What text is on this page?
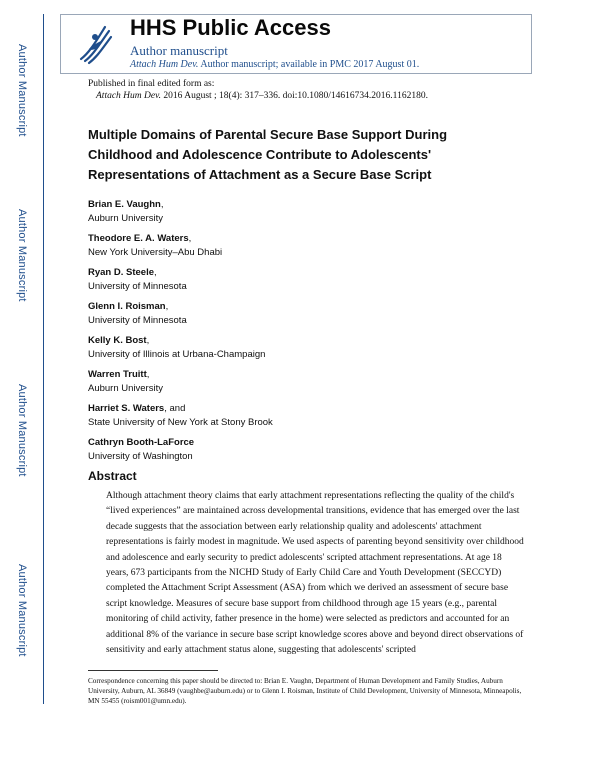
Author Manuscript
Author Manuscript
Author Manuscript
Author Manuscript
HHS Public Access
Author manuscript
Attach Hum Dev. Author manuscript; available in PMC 2017 August 01.
Published in final edited form as:
Attach Hum Dev. 2016 August ; 18(4): 317–336. doi:10.1080/14616734.2016.1162180.
Multiple Domains of Parental Secure Base Support During Childhood and Adolescence Contribute to Adolescents' Representations of Attachment as a Secure Base Script
Brian E. Vaughn,
Auburn University
Theodore E. A. Waters,
New York University–Abu Dhabi
Ryan D. Steele,
University of Minnesota
Glenn I. Roisman,
University of Minnesota
Kelly K. Bost,
University of Illinois at Urbana-Champaign
Warren Truitt,
Auburn University
Harriet S. Waters, and
State University of New York at Stony Brook
Cathryn Booth-LaForce
University of Washington
Abstract
Although attachment theory claims that early attachment representations reflecting the quality of the child's “lived experiences” are maintained across developmental transitions, evidence that has emerged over the last decade suggests that the association between early relationship quality and adolescents' attachment representations is fairly modest in magnitude. We used aspects of parenting beyond sensitivity over childhood and adolescence and early security to predict adolescents' scripted attachment representations. At age 18 years, 673 participants from the NICHD Study of Early Child Care and Youth Development (SECCYD) completed the Attachment Script Assessment (ASA) from which we derived an assessment of secure base script knowledge. Measures of secure base support from childhood through age 15 years (e.g., parental monitoring of child activity, father presence in the home) were selected as predictors and accounted for an additional 8% of the variance in secure base script knowledge scores above and beyond direct observations of sensitivity and early attachment status alone, suggesting that adolescents' scripted
Correspondence concerning this paper should be directed to: Brian E. Vaughn, Department of Human Development and Family Studies, Auburn University, Auburn, AL 36849 (vaughbe@auburn.edu) or to Glenn I. Roisman, Institute of Child Development, University of Minnesota, Minneapolis, MN 55455 (roism001@umn.edu).
